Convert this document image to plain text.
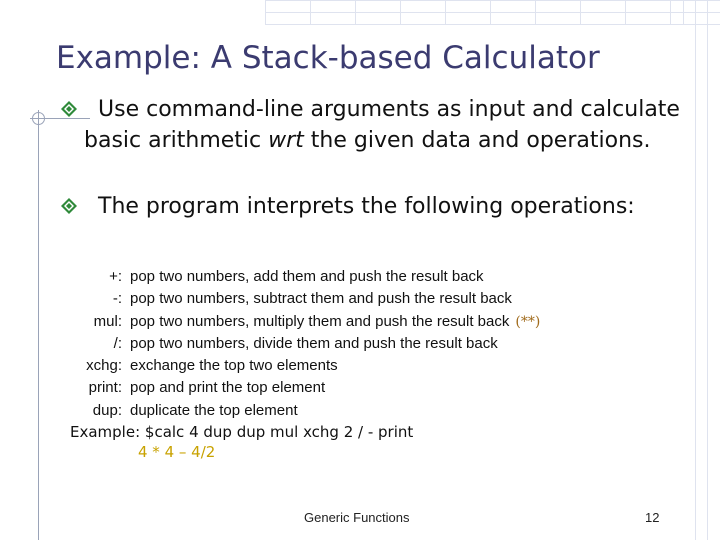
Example: A Stack-based Calculator
Use command-line arguments as input and calculate basic arithmetic wrt the given data and operations.
The program interprets the following operations:
+: pop two numbers, add them and push the result back
-: pop two numbers, subtract them and push the result back
mul: pop two numbers, multiply them and push the result back (**)
/: pop two numbers, divide them and push the result back
xchg: exchange the top two elements
print: pop and print the top element
dup: duplicate the top element
Example: $calc 4 dup dup mul xchg 2 / - print
4 * 4 – 4/2
Generic Functions	12
